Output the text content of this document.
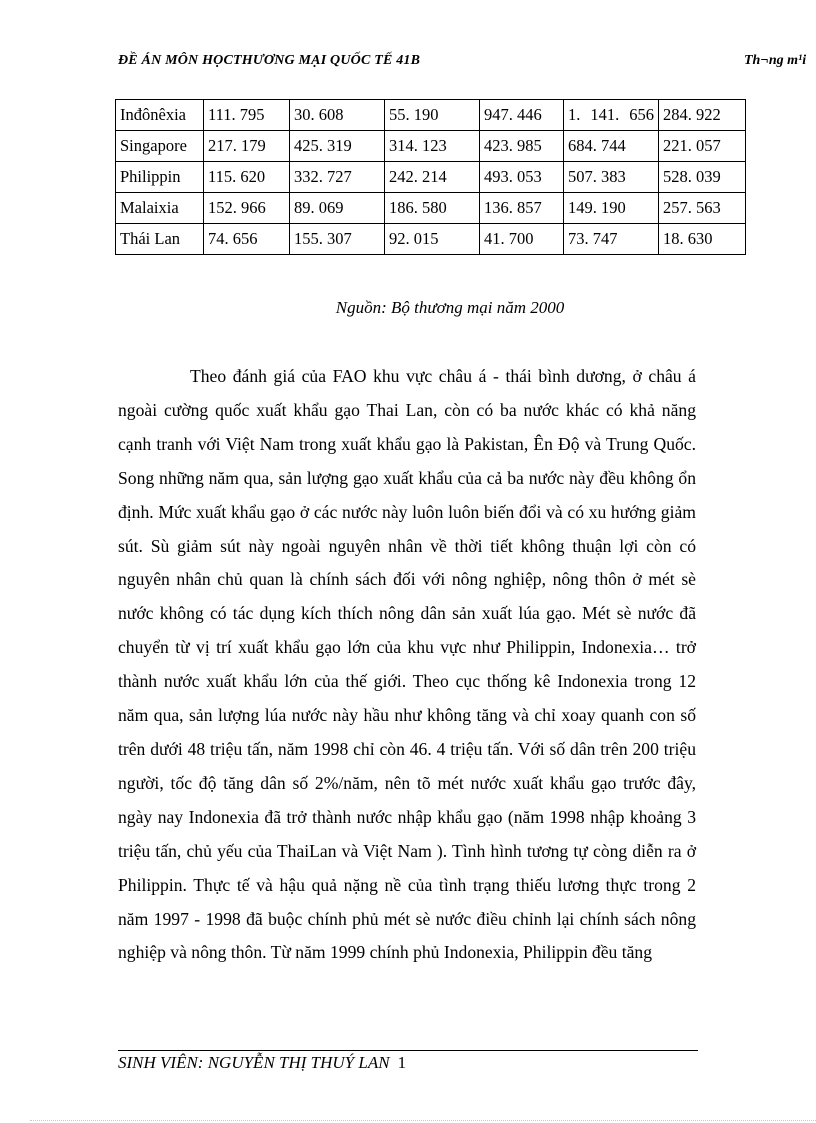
ĐỀ ÁN MÔN HỌCTHƯƠNG MẠI QUỐC TẾ 41B	Th¬ng m¹i
Inđônêxia	111. 795	30. 608	55. 190	947. 446	1. 141. 656	284. 922
Singapore	217. 179	425. 319	314. 123	423. 985	684. 744	221. 057
Philippin	115. 620	332. 727	242. 214	493. 053	507. 383	528. 039
Malaixia	152. 966	89. 069	186. 580	136. 857	149. 190	257. 563
Thái Lan	74. 656	155. 307	92. 015	41. 700	73. 747	18. 630
Nguồn: Bộ thương mại năm 2000

Theo đánh giá của FAO khu vực châu á - thái bình dương, ở châu á ngoài cường quốc xuất khẩu gạo Thai Lan, còn có ba nước khác có khả năng cạnh tranh với Việt Nam trong xuất khẩu gạo là Pakistan, Ên Độ và Trung Quốc. Song những năm qua, sản lượng gạo xuất khẩu của cả ba nước này đều không ổn định. Mức xuất khẩu gạo ở các nước này luôn luôn biến đổi và có xu hướng giảm sút. Sù giảm sút này ngoài nguyên nhân về thời tiết không thuận lợi còn có nguyên nhân chủ quan là chính sách đối với nông nghiệp, nông thôn ở mét sè nước không có tác dụng kích thích nông dân sản xuất lúa gạo. Mét sè nước đã chuyển từ vị trí xuất khẩu gạo lớn của khu vực như Philippin, Indonexia… trở thành nước xuất khẩu lớn của thế giới. Theo cục thống kê Indonexia trong 12 năm qua, sản lượng lúa nước này hầu như không tăng và chỉ xoay quanh con số trên dưới 48 triệu tấn, năm 1998 chỉ còn 46. 4 triệu tấn. Với số dân trên 200 triệu người, tốc độ tăng dân số 2%/năm, nên tõ mét nước xuất khẩu gạo trước đây, ngày nay Indonexia đã trở thành nước nhập khẩu gạo (năm 1998 nhập khoảng 3 triệu tấn, chủ yếu của ThaiLan và Việt Nam ). Tình hình tương tự còng diễn ra ở Philippin. Thực tế và hậu quả nặng nề của tình trạng thiếu lương thực trong 2 năm 1997 - 1998 đã buộc chính phủ mét sè nước điều chỉnh lại chính sách nông nghiệp và nông thôn. Từ năm 1999 chính phủ Indonexia, Philippin đều tăng

SINH VIÊN: NGUYỄN THỊ THUÝ LAN 1
